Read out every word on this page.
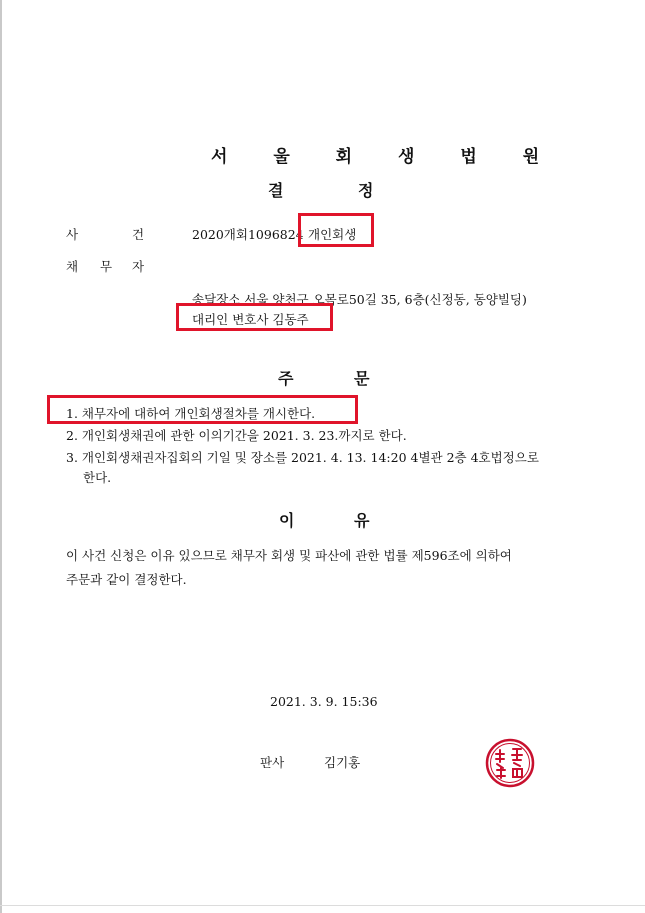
서 울 회 생 법 원
결	정
사	건	2020개회1096824 개인회생
채 무 자
송달장소 서울 양천구 오목로50길 35, 6층(신정동, 동양빌딩)
대리인 변호사 김동주
주	문
1. 채무자에 대하여 개인회생절차를 개시한다.
2. 개인회생채권에 관한 이의기간을 2021. 3. 23.까지로 한다.
3. 개인회생채권자집회의 기일 및 장소를 2021. 4. 13. 14:20 4별관 2층 4호법정으로
한다.
이	유
이 사건 신청은 이유 있으므로 채무자 회생 및 파산에 관한 법률 제596조에 의하여
주문과 같이 결정한다.
2021. 3. 9. 15:36
판사	김기홍
